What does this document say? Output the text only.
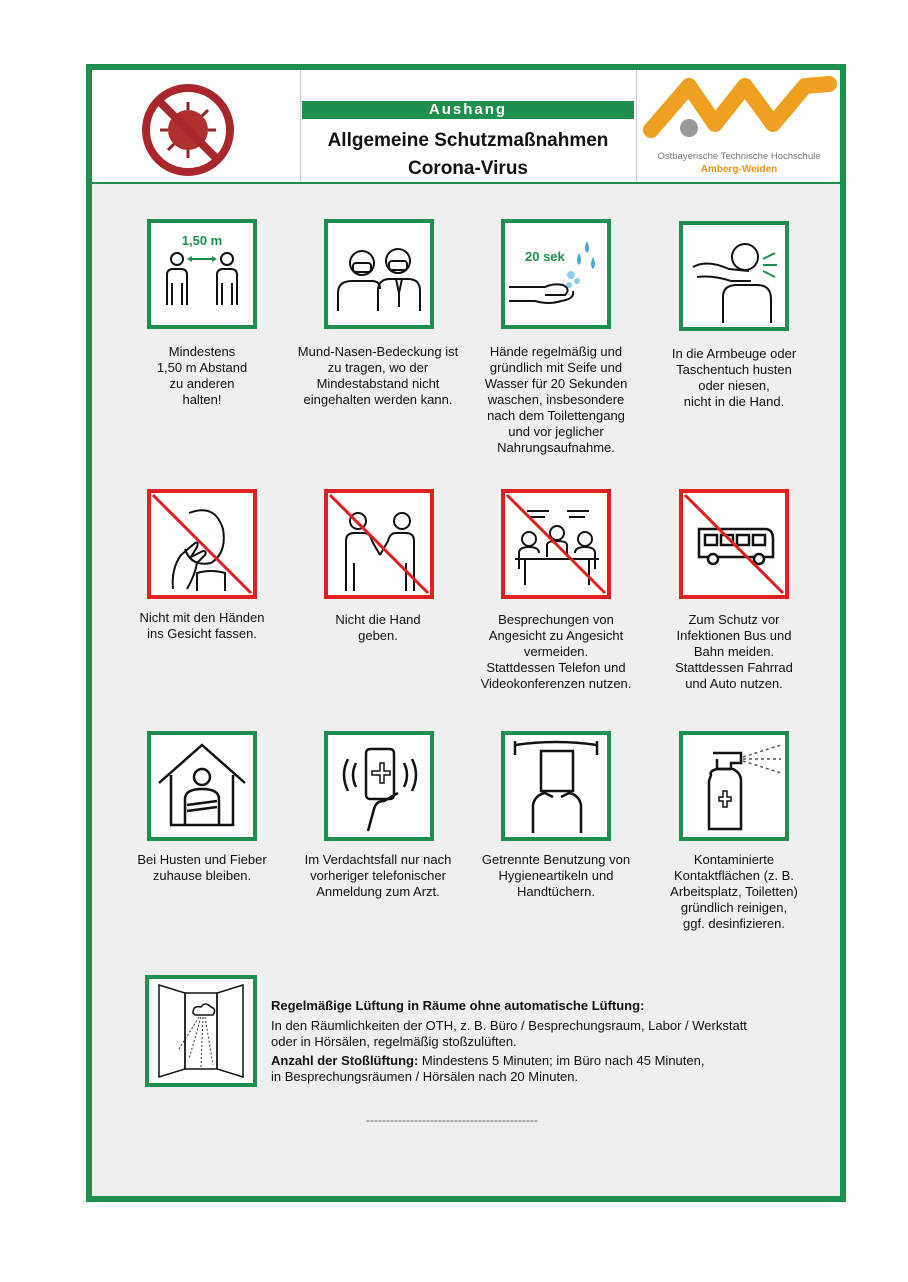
Aushang
Allgemeine Schutzmaßnahmen
Corona-Virus
Ostbayerische Technische Hochschule
Amberg-Weiden
1,50 m
Mindestens
1,50 m Abstand
zu anderen
halten!
Mund-Nasen-Bedeckung ist
zu tragen, wo der
Mindestabstand nicht
eingehalten werden kann.
20 sek
Hände regelmäßig und
gründlich mit Seife und
Wasser für 20 Sekunden
waschen, insbesondere
nach dem Toilettengang
und vor jeglicher
Nahrungsaufnahme.
In die Armbeuge oder
Taschentuch husten
oder niesen,
nicht in die Hand.
Nicht mit den Händen
ins Gesicht fassen.
Nicht die Hand
geben.
Besprechungen von
Angesicht zu Angesicht
vermeiden.
Stattdessen Telefon und
Videokonferenzen nutzen.
Zum Schutz vor
Infektionen Bus und
Bahn meiden.
Stattdessen Fahrrad
und Auto nutzen.
Bei Husten und Fieber
zuhause bleiben.
Im Verdachtsfall nur nach
vorheriger telefonischer
Anmeldung zum Arzt.
Getrennte Benutzung von
Hygieneartikeln und
Handtüchern.
Kontaminierte
Kontaktflächen (z. B.
Arbeitsplatz, Toiletten)
gründlich reinigen,
ggf. desinfizieren.
Regelmäßige Lüftung in Räume ohne automatische Lüftung:
In den Räumlichkeiten der OTH, z. B. Büro / Besprechungsraum, Labor / Werkstatt
oder in Hörsälen, regelmäßig stoßzulüften.
Anzahl der Stoßlüftung: Mindestens 5 Minuten; im Büro nach 45 Minuten,
in Besprechungsräumen / Hörsälen nach 20 Minuten.
-------------------------------------------
